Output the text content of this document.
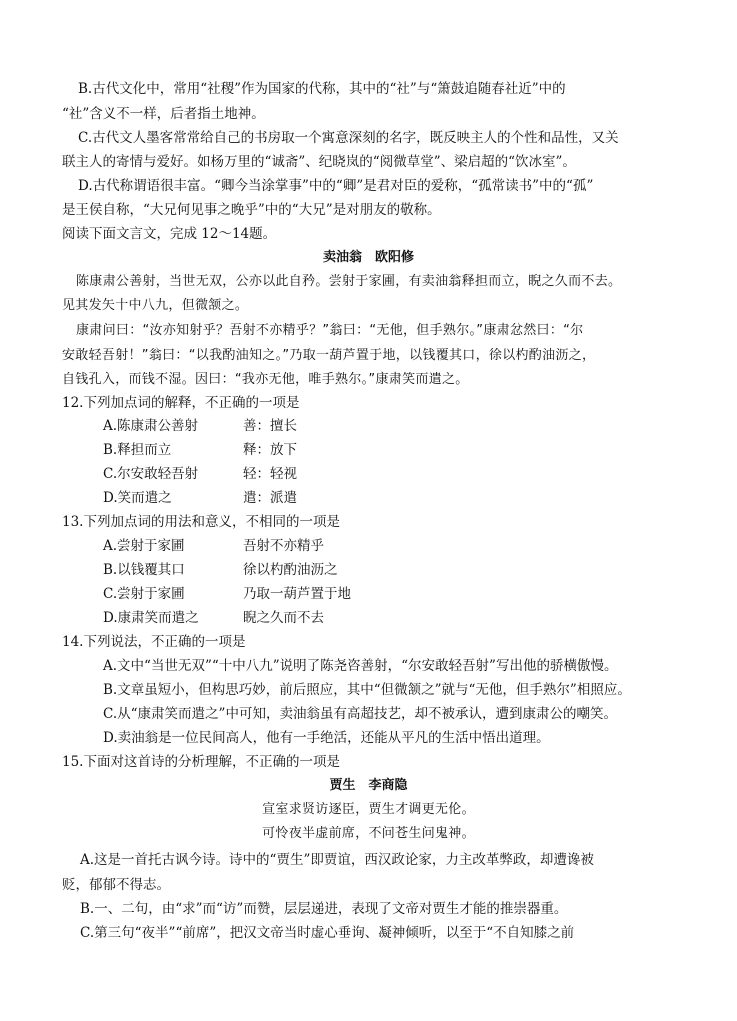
B.古代文化中，常用“社稷”作为国家的代称，其中的“社”与“箫鼓追随春社近”中的
“社”含义不一样，后者指土地神。
C.古代文人墨客常常给自己的书房取一个寓意深刻的名字，既反映主人的个性和品性，又关
联主人的寄情与爱好。如杨万里的“诚斋”、纪晓岚的“阅微草堂”、梁启超的“饮冰室”。
D.古代称谓语很丰富。“卿今当涂掌事”中的“卿”是君对臣的爱称，“孤常读书”中的“孤”
是王侯自称，“大兄何见事之晚乎”中的“大兄”是对朋友的敬称。
阅读下面文言文，完成 12～14题。
卖油翁　欧阳修
陈康肃公善射，当世无双，公亦以此自矜。尝射于家圃，有卖油翁释担而立，睨之久而不去。
见其发矢十中八九，但微颔之。
康肃问曰：“汝亦知射乎？吾射不亦精乎？”翁曰：“无他，但手熟尔。”康肃忿然曰：“尔
安敢轻吾射！”翁曰：“以我酌油知之。”乃取一葫芦置于地，以钱覆其口，徐以杓酌油沥之，
自钱孔入，而钱不湿。因曰：“我亦无他，唯手熟尔。”康肃笑而遣之。
12.下列加点词的解释，不正确的一项是
A.陈康肃公善射	善：擅长
B.释担而立	释：放下
C.尔安敢轻吾射	轻：轻视
D.笑而遣之	遣：派遣
13.下列加点词的用法和意义，不相同的一项是
A.尝射于家圃	吾射不亦精乎
B.以钱覆其口	徐以杓酌油沥之
C.尝射于家圃	乃取一葫芦置于地
D.康肃笑而遣之	睨之久而不去
14.下列说法，不正确的一项是
A.文中“当世无双”“十中八九”说明了陈尧咨善射，“尔安敢轻吾射”写出他的骄横傲慢。
B.文章虽短小，但构思巧妙，前后照应，其中“但微颔之”就与“无他，但手熟尔”相照应。
C.从“康肃笑而遣之”中可知，卖油翁虽有高超技艺，却不被承认，遭到康肃公的嘲笑。
D.卖油翁是一位民间高人，他有一手绝活，还能从平凡的生活中悟出道理。
15.下面对这首诗的分析理解，不正确的一项是
贾生　李商隐
宣室求贤访逐臣，贾生才调更无伦。
可怜夜半虚前席，不问苍生问鬼神。
A.这是一首托古讽今诗。诗中的“贾生”即贾谊，西汉政论家，力主改革弊政，却遭谗被
贬，郁郁不得志。
B.一、二句，由“求”而“访”而赞，层层递进，表现了文帝对贾生才能的推崇器重。
C.第三句“夜半”“前席”，把汉文帝当时虚心垂询、凝神倾听，以至于“不自知膝之前
